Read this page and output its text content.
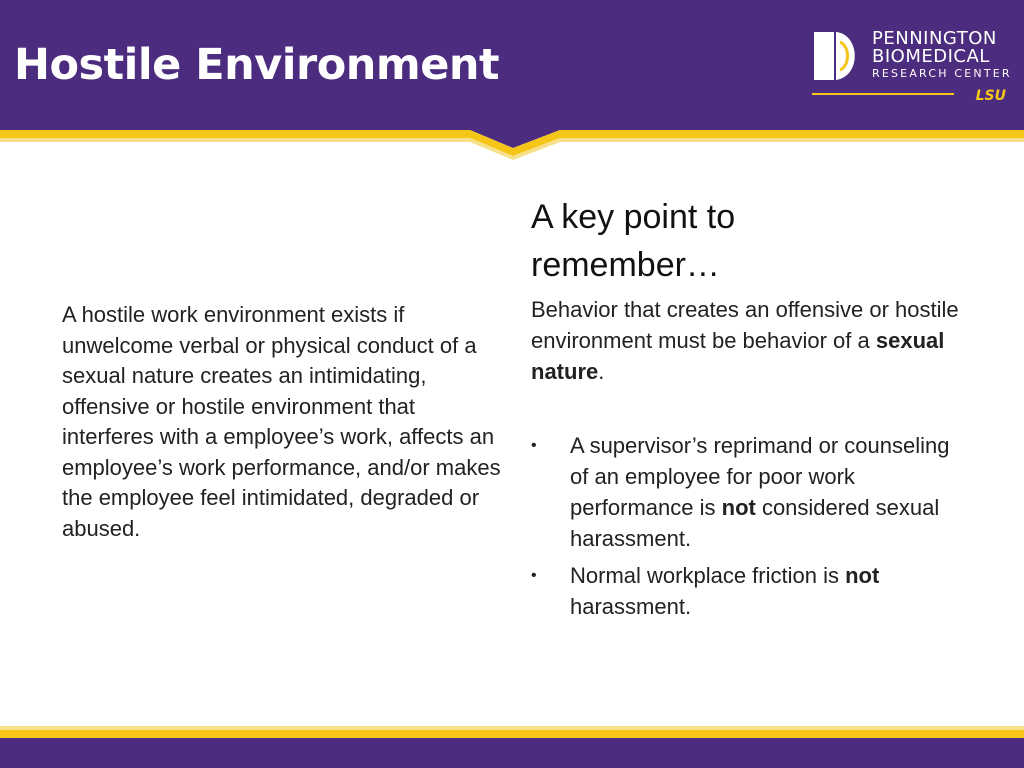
Hostile Environment
PENNINGTON
BIOMEDICAL
RESEARCH CENTER
LSU

A hostile work environment exists if unwelcome verbal or physical conduct of a sexual nature creates an intimidating, offensive or hostile environment that interferes with a employee’s work, affects an employee’s work performance, and/or makes the employee feel intimidated, degraded or abused.

A key point to remember…

Behavior that creates an offensive or hostile environment must be behavior of a sexual nature.

• A supervisor’s reprimand or counseling of an employee for poor work performance is not considered sexual harassment.
• Normal workplace friction is not harassment.
